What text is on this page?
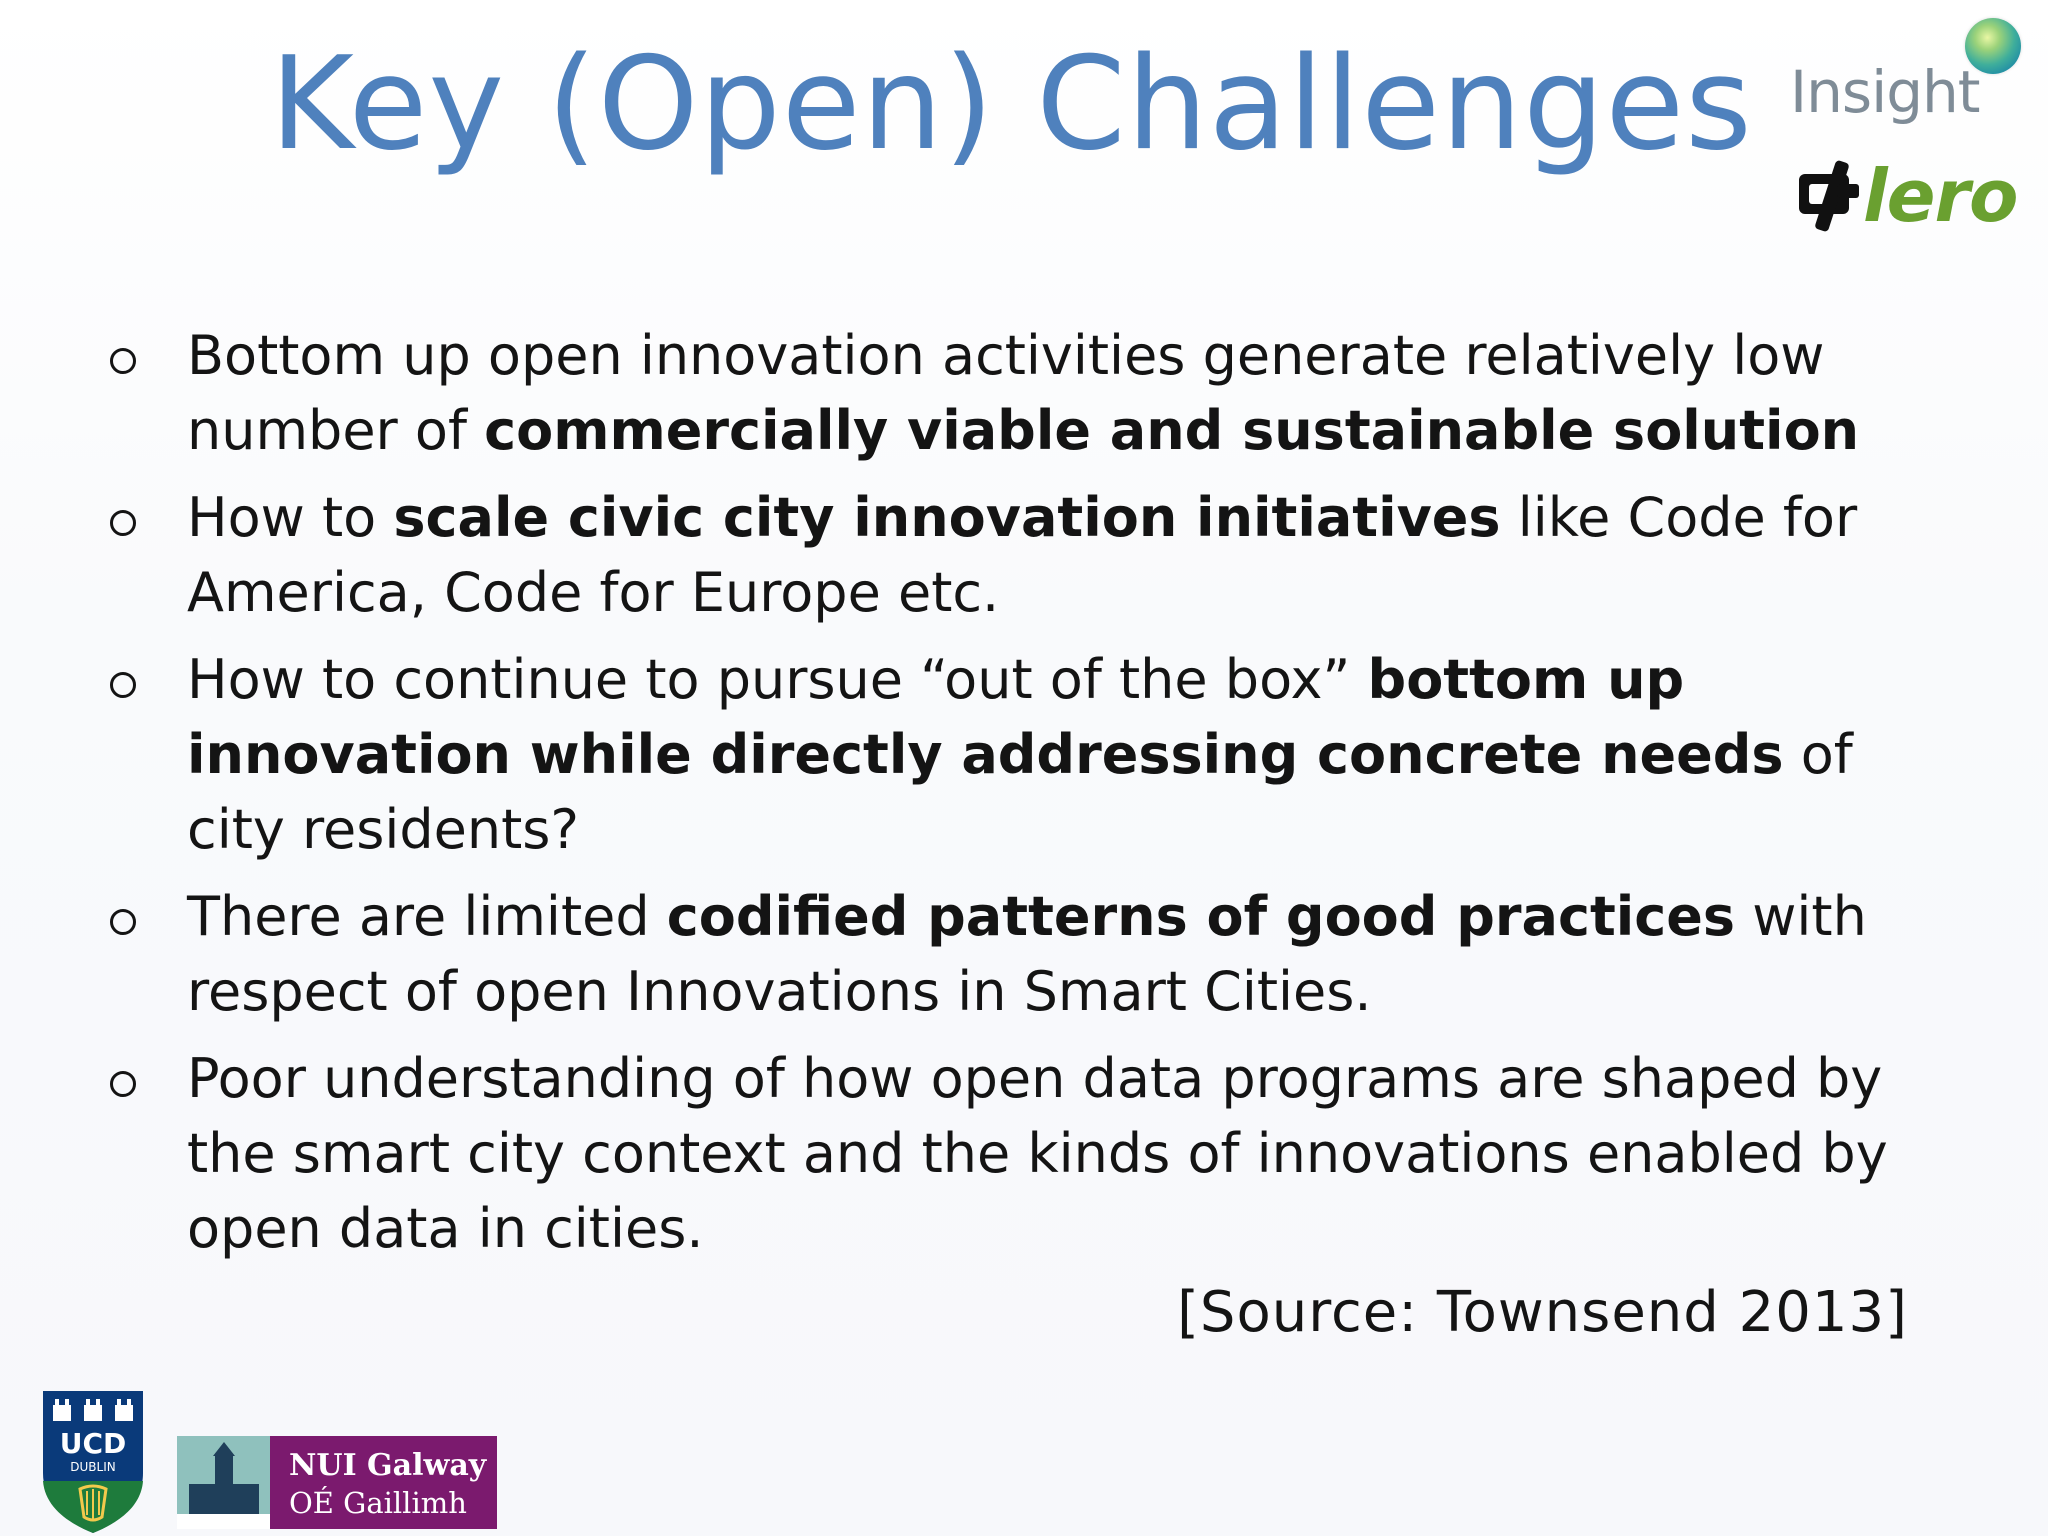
Key (Open) Challenges Insight
lero
Bottom up open innovation activities generate relatively low number of commercially viable and sustainable solution
How to scale civic city innovation initiatives like Code for America, Code for Europe etc.
How to continue to pursue “out of the box” bottom up innovation while directly addressing concrete needs of city residents?
There are limited codified patterns of good practices with respect of open Innovations in Smart Cities.
Poor understanding of how open data programs are shaped by the smart city context and the kinds of innovations enabled by open data in cities.
[Source: Townsend 2013]
UCD
DUBLIN	NUI Galway
OÉ Gaillimh
